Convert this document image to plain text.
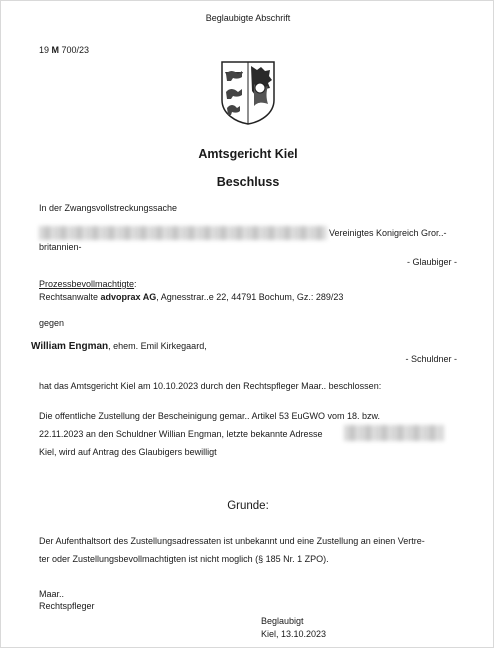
Beglaubigte Abschrift
19 M 700/23
Amtsgericht Kiel
Beschluss
In der Zwangsvollstreckungssache
Vereinigtes Konigreich Gror..-
britannien-
- Glaubiger -
Prozessbevollmachtigte:
Rechtsanwalte advoprax AG, Agnesstrar..e 22, 44791 Bochum, Gz.: 289/23
gegen
William Engman, ehem. Emil Kirkegaard,
- Schuldner -
hat das Amtsgericht Kiel am 10.10.2023 durch den Rechtspfleger Maar.. beschlossen:
Die offentliche Zustellung der Bescheinigung gemar.. Artikel 53 EuGWO vom 18. bzw.
22.11.2023 an den Schuldner Willian Engman, letzte bekannte Adresse
Kiel, wird auf Antrag des Glaubigers bewilligt
Grunde:
Der Aufenthaltsort des Zustellungsadressaten ist unbekannt und eine Zustellung an einen Vertre-
ter oder Zustellungsbevollmachtigten ist nicht moglich (§ 185 Nr. 1 ZPO).
Maar..
Rechtspfleger
Beglaubigt
Kiel, 13.10.2023
